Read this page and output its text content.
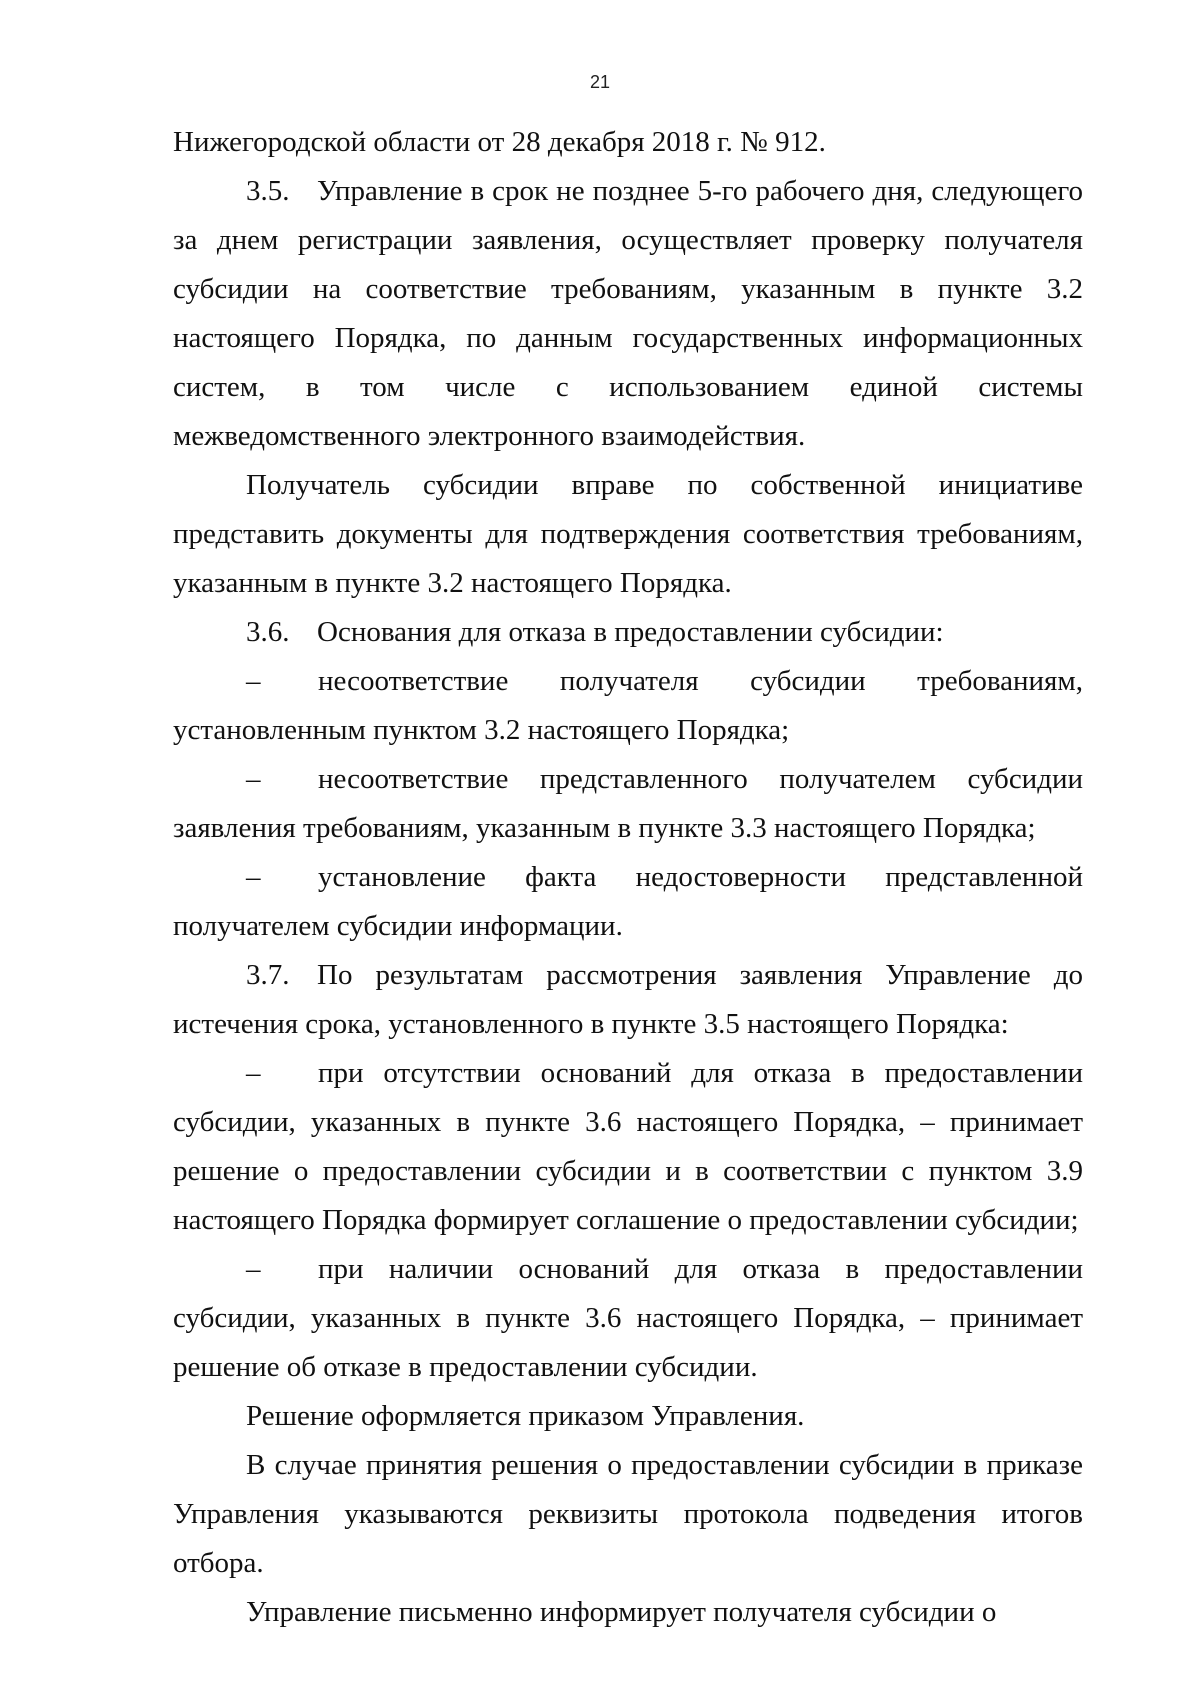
21

Нижегородской области от 28 декабря 2018 г. № 912.

3.5. Управление в срок не позднее 5-го рабочего дня, следующего за днем регистрации заявления, осуществляет проверку получателя субсидии на соответствие требованиям, указанным в пункте 3.2 настоящего Порядка, по данным государственных информационных систем, в том числе с использованием единой системы межведомственного электронного взаимодействия.

Получатель субсидии вправе по собственной инициативе представить документы для подтверждения соответствия требованиям, указанным в пункте 3.2 настоящего Порядка.

3.6. Основания для отказа в предоставлении субсидии:

– несоответствие получателя субсидии требованиям, установленным пунктом 3.2 настоящего Порядка;

– несоответствие представленного получателем субсидии заявления требованиям, указанным в пункте 3.3 настоящего Порядка;

– установление факта недостоверности представленной получателем субсидии информации.

3.7. По результатам рассмотрения заявления Управление до истечения срока, установленного в пункте 3.5 настоящего Порядка:

– при отсутствии оснований для отказа в предоставлении субсидии, указанных в пункте 3.6 настоящего Порядка, – принимает решение о предоставлении субсидии и в соответствии с пунктом 3.9 настоящего Порядка формирует соглашение о предоставлении субсидии;

– при наличии оснований для отказа в предоставлении субсидии, указанных в пункте 3.6 настоящего Порядка, – принимает решение об отказе в предоставлении субсидии.

Решение оформляется приказом Управления.

В случае принятия решения о предоставлении субсидии в приказе Управления указываются реквизиты протокола подведения итогов отбора.

Управление письменно информирует получателя субсидии о
